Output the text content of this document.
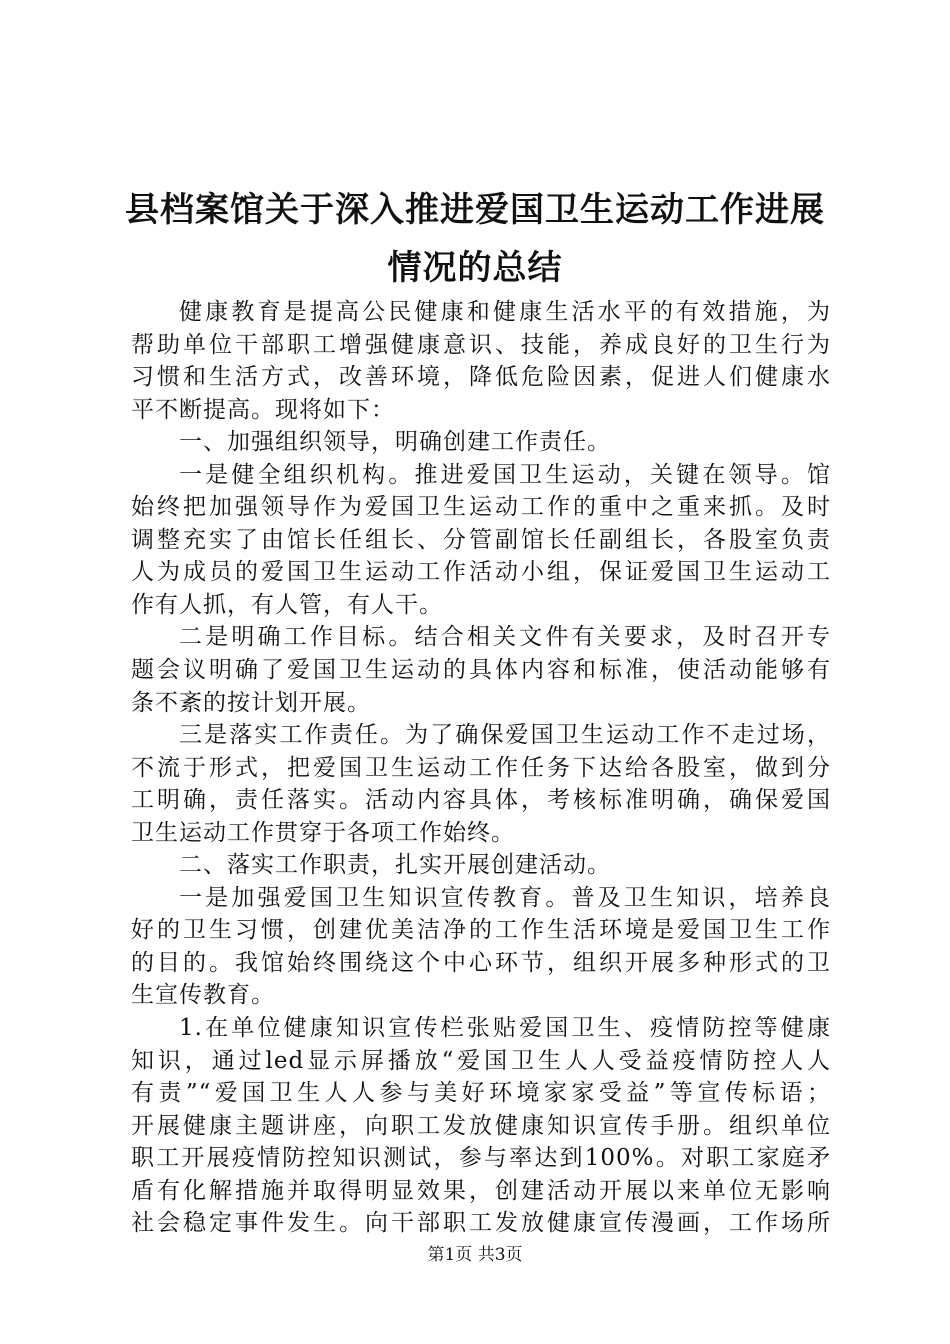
县档案馆关于深入推进爱国卫生运动工作进展
情况的总结
健康教育是提高公民健康和健康生活水平的有效措施，为
帮助单位干部职工增强健康意识、技能，养成良好的卫生行为
习惯和生活方式，改善环境，降低危险因素，促进人们健康水
平不断提高。现将如下：
一、加强组织领导，明确创建工作责任。
一是健全组织机构。推进爱国卫生运动，关键在领导。馆
始终把加强领导作为爱国卫生运动工作的重中之重来抓。及时
调整充实了由馆长任组长、分管副馆长任副组长，各股室负责
人为成员的爱国卫生运动工作活动小组，保证爱国卫生运动工
作有人抓，有人管，有人干。
二是明确工作目标。结合相关文件有关要求，及时召开专
题会议明确了爱国卫生运动的具体内容和标准，使活动能够有
条不紊的按计划开展。
三是落实工作责任。为了确保爱国卫生运动工作不走过场，
不流于形式，把爱国卫生运动工作任务下达给各股室，做到分
工明确，责任落实。活动内容具体，考核标准明确，确保爱国
卫生运动工作贯穿于各项工作始终。
二、落实工作职责，扎实开展创建活动。
一是加强爱国卫生知识宣传教育。普及卫生知识，培养良
好的卫生习惯，创建优美洁净的工作生活环境是爱国卫生工作
的目的。我馆始终围绕这个中心环节，组织开展多种形式的卫
生宣传教育。
1.在单位健康知识宣传栏张贴爱国卫生、疫情防控等健康
知识，通过led显示屏播放“爱国卫生人人受益疫情防控人人
有责”“爱国卫生人人参与美好环境家家受益”等宣传标语；
开展健康主题讲座，向职工发放健康知识宣传手册。组织单位
职工开展疫情防控知识测试，参与率达到100%。对职工家庭矛
盾有化解措施并取得明显效果，创建活动开展以来单位无影响
社会稳定事件发生。向干部职工发放健康宣传漫画，工作场所
第1页 共3页
